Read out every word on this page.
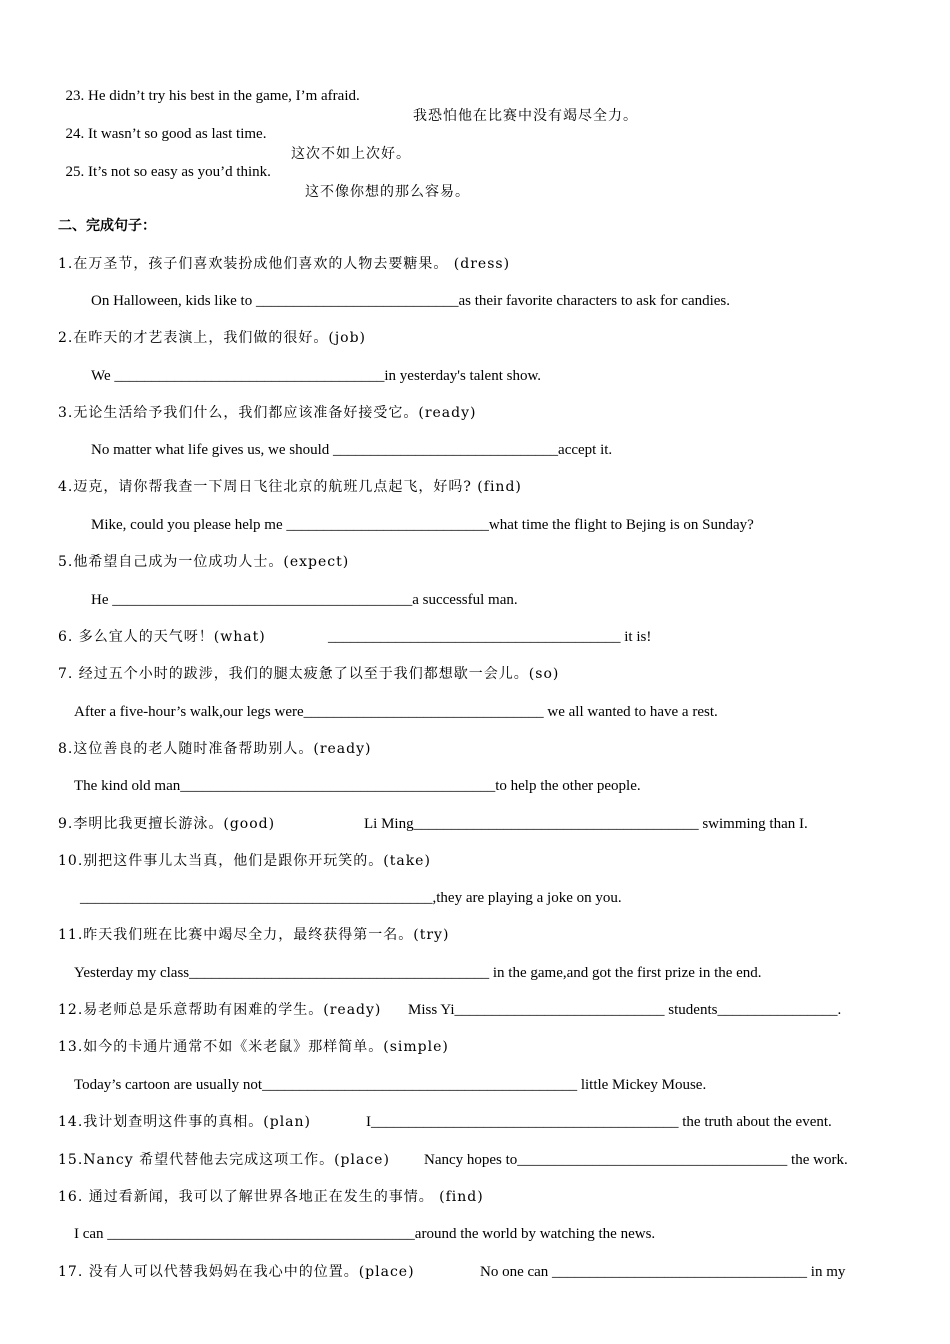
23. He didn’t try his best in the game, I’m afraid.

我恐怕他在比赛中没有竭尽全力。

24. It wasn’t so good as last time.

这次不如上次好。

25. It’s not so easy as you’d think.

这不像你想的那么容易。

二、完成句子：
1.在万圣节，孩子们喜欢装扮成他们喜欢的人物去要糖果。 (dress)
On Halloween, kids like to ___________________________as their favorite characters to ask for candies.
2.在昨天的才艺表演上，我们做的很好。(job)
We ____________________________________in yesterday's talent show.
3.无论生活给予我们什么，我们都应该准备好接受它。(ready)
No matter what life gives us, we should ______________________________accept it.
4.迈克，请你帮我查一下周日飞往北京的航班几点起飞，好吗? (find)
Mike, could you please help me ___________________________what time the flight to Bejing is on Sunday?
5.他希望自己成为一位成功人士。(expect)
He ________________________________________a successful man.
6. 多么宜人的天气呀！(what)	_______________________________________ it is!
7. 经过五个小时的跋涉，我们的腿太疲惫了以至于我们都想歇一会儿。(so)
After a five-hour’s walk,our legs were________________________________ we all wanted to have a rest.
8.这位善良的老人随时准备帮助别人。(ready)
The kind old man__________________________________________to help the other people.
9.李明比我更擅长游泳。(good)	Li Ming______________________________________ swimming than I.
10.别把这件事儿太当真，他们是跟你开玩笑的。(take)
_______________________________________________,they are playing a joke on you.
11.昨天我们班在比赛中竭尽全力，最终获得第一名。(try)
Yesterday my class________________________________________ in the game,and got the first prize in the end.
12.易老师总是乐意帮助有困难的学生。(ready) Miss Yi____________________________ students________________.
13.如今的卡通片通常不如《米老鼠》那样简单。(simple)
Today’s cartoon are usually not__________________________________________ little Mickey Mouse.
14.我计划查明这件事的真相。(plan)	I_________________________________________ the truth about the event.
15.Nancy 希望代替他去完成这项工作。(place) Nancy hopes to____________________________________ the work.
16. 通过看新闻，我可以了解世界各地正在发生的事情。 (find)
I can _________________________________________around the world by watching the news.
17. 没有人可以代替我妈妈在我心中的位置。(place)	No one can __________________________________ in my
